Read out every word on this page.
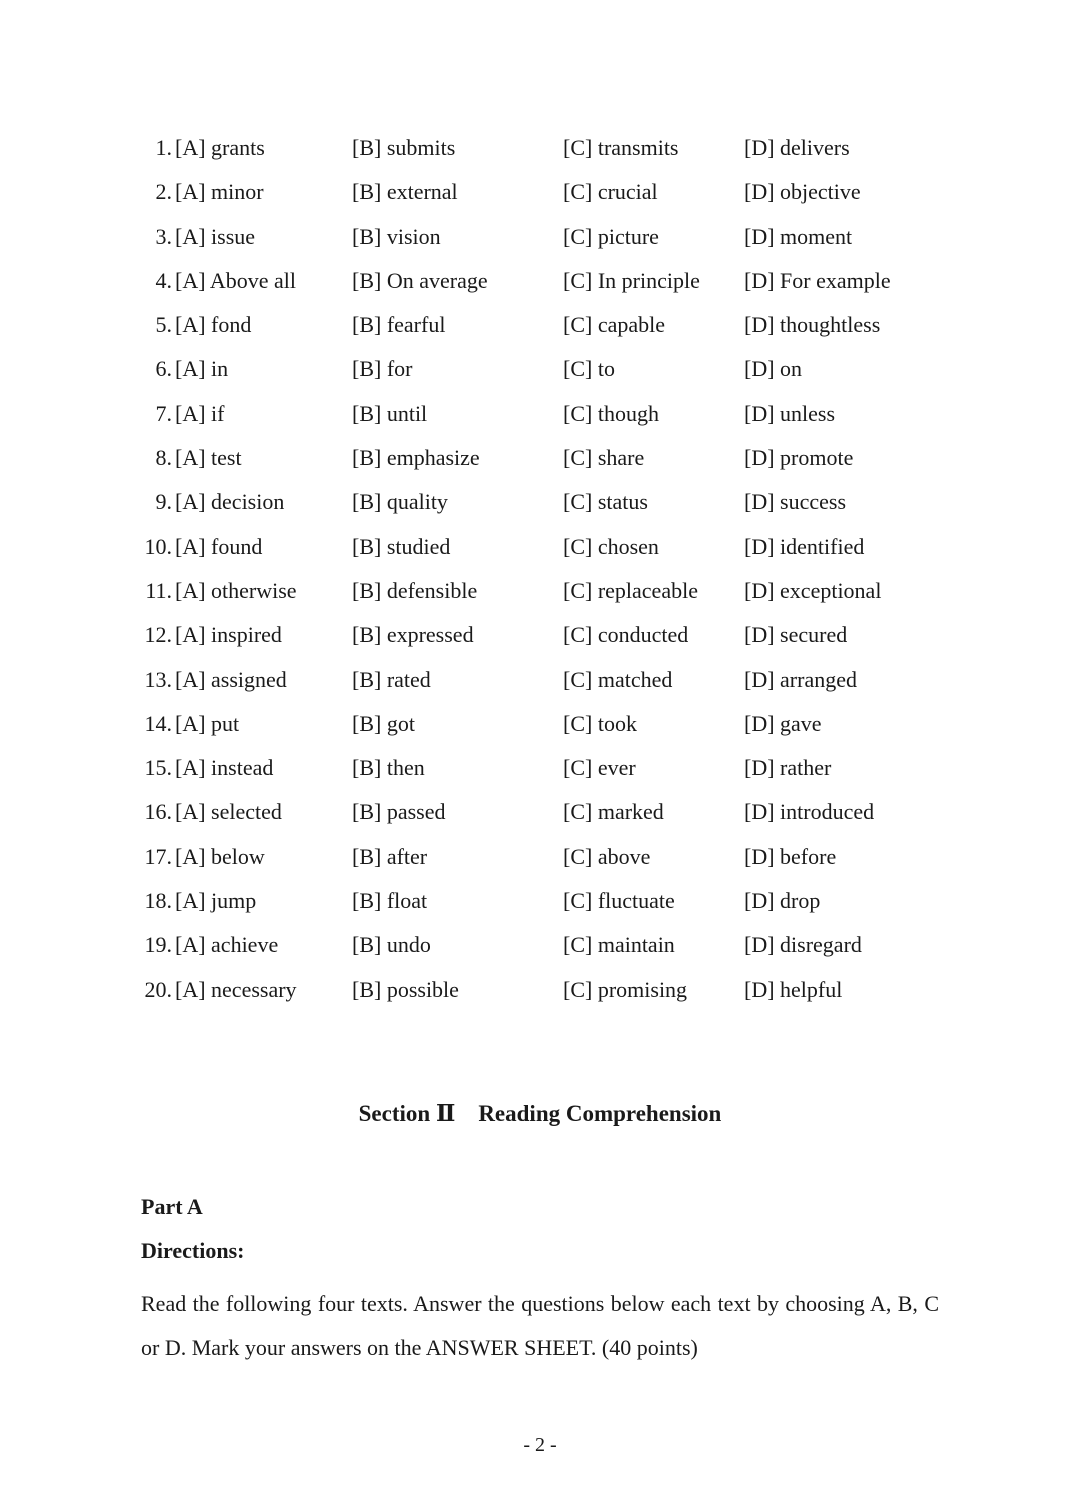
1. [A] grants	[B] submits	[C] transmits	[D] delivers
2. [A] minor	[B] external	[C] crucial	[D] objective
3. [A] issue	[B] vision	[C] picture	[D] moment
4. [A] Above all	[B] On average	[C] In principle [D] For example
5. [A] fond	[B] fearful	[C] capable	[D] thoughtless
6. [A] in	[B] for	[C] to	[D] on
7. [A] if	[B] until	[C] though	[D] unless
8. [A] test	[B] emphasize	[C] share	[D] promote
9. [A] decision	[B] quality	[C] status	[D] success
10. [A] found	[B] studied	[C] chosen	[D] identified
11. [A] otherwise	[B] defensible	[C] replaceable [D] exceptional
12. [A] inspired	[B] expressed	[C] conducted	[D] secured
13. [A] assigned	[B] rated	[C] matched	[D] arranged
14. [A] put	[B] got	[C] took	[D] gave
15. [A] instead	[B] then	[C] ever	[D] rather
16. [A] selected	[B] passed	[C] marked	[D] introduced
17. [A] below	[B] after	[C] above	[D] before
18. [A] jump	[B] float	[C] fluctuate	[D] drop
19. [A] achieve	[B] undo	[C] maintain	[D] disregard
20. [A] necessary	[B] possible	[C] promising	[D] helpful
Section Ⅱ    Reading Comprehension
Part A
Directions:
Read the following four texts. Answer the questions below each text by choosing A, B, C or D. Mark your answers on the ANSWER SHEET. (40 points)
- 2 -
